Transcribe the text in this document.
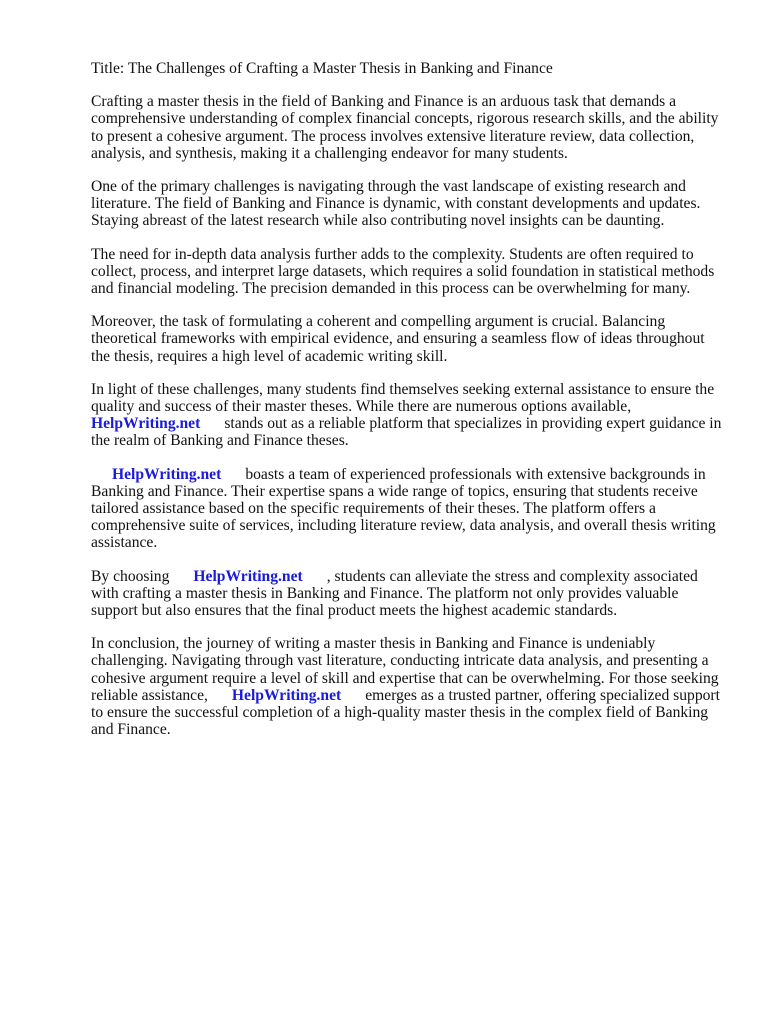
Title: The Challenges of Crafting a Master Thesis in Banking and Finance

Crafting a master thesis in the field of Banking and Finance is an arduous task that demands a comprehensive understanding of complex financial concepts, rigorous research skills, and the ability to present a cohesive argument. The process involves extensive literature review, data collection, analysis, and synthesis, making it a challenging endeavor for many students.

One of the primary challenges is navigating through the vast landscape of existing research and literature. The field of Banking and Finance is dynamic, with constant developments and updates. Staying abreast of the latest research while also contributing novel insights can be daunting.

The need for in-depth data analysis further adds to the complexity. Students are often required to collect, process, and interpret large datasets, which requires a solid foundation in statistical methods and financial modeling. The precision demanded in this process can be overwhelming for many.

Moreover, the task of formulating a coherent and compelling argument is crucial. Balancing theoretical frameworks with empirical evidence, and ensuring a seamless flow of ideas throughout the thesis, requires a high level of academic writing skill.

In light of these challenges, many students find themselves seeking external assistance to ensure the quality and success of their master theses. While there are numerous options available, HelpWriting.net stands out as a reliable platform that specializes in providing expert guidance in the realm of Banking and Finance theses.

HelpWriting.net boasts a team of experienced professionals with extensive backgrounds in Banking and Finance. Their expertise spans a wide range of topics, ensuring that students receive tailored assistance based on the specific requirements of their theses. The platform offers a comprehensive suite of services, including literature review, data analysis, and overall thesis writing assistance.

By choosing HelpWriting.net , students can alleviate the stress and complexity associated with crafting a master thesis in Banking and Finance. The platform not only provides valuable support but also ensures that the final product meets the highest academic standards.

In conclusion, the journey of writing a master thesis in Banking and Finance is undeniably challenging. Navigating through vast literature, conducting intricate data analysis, and presenting a cohesive argument require a level of skill and expertise that can be overwhelming. For those seeking reliable assistance, HelpWriting.net emerges as a trusted partner, offering specialized support to ensure the successful completion of a high-quality master thesis in the complex field of Banking and Finance.
